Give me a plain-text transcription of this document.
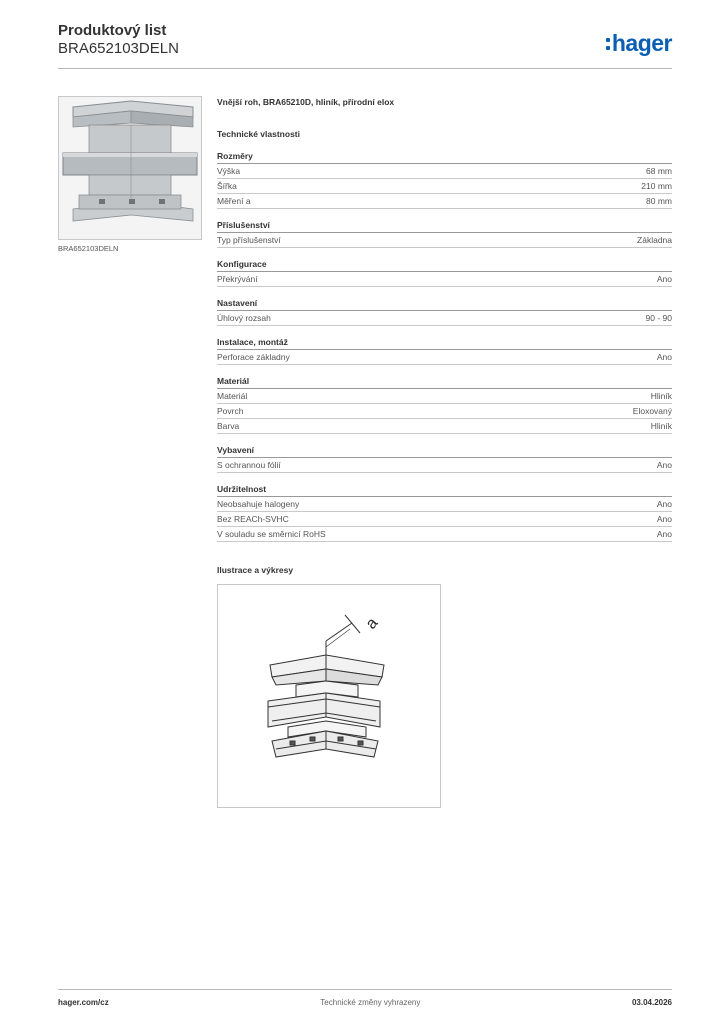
Produktový list
BRA652103DELN	hager
BRA652103DELN
Vnější roh, BRA65210D, hliník, přírodní elox
Technické vlastnosti
Rozměry
Výška	68 mm
Šířka	210 mm
Měření a	80 mm
Příslušenství
Typ příslušenství	Základna
Konfigurace
Překrývání	Ano
Nastavení
Úhlový rozsah	90 - 90
Instalace, montáž
Perforace základny	Ano
Materiál
Materiál	Hliník
Povrch	Eloxovaný
Barva	Hliník
Vybavení
S ochrannou fólií	Ano
Udržitelnost
Neobsahuje halogeny	Ano
Bez REACh-SVHC	Ano
V souladu se směrnicí RoHS	Ano
Ilustrace a výkresy
a
hager.com/cz	Technické změny vyhrazeny	03.04.2026
